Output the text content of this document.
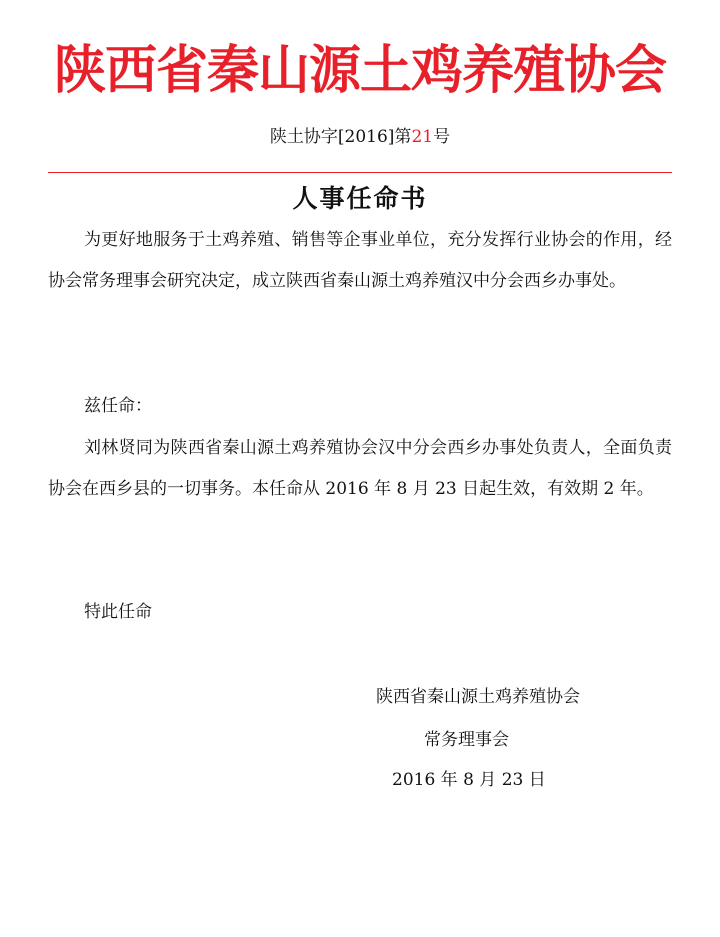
陕西省秦山源土鸡养殖协会
陕土协字[2016]第21号
人事任命书

为更好地服务于土鸡养殖、销售等企事业单位，充分发挥行业协会的作用，经协会常务理事会研究决定，成立陕西省秦山源土鸡养殖汉中分会西乡办事处。

兹任命：

刘林贤同为陕西省秦山源土鸡养殖协会汉中分会西乡办事处负责人，全面负责协会在西乡县的一切事务。本任命从 2016 年 8 月 23 日起生效，有效期 2 年。

特此任命

陕西省秦山源土鸡养殖协会
常务理事会
2016 年 8 月 23 日
